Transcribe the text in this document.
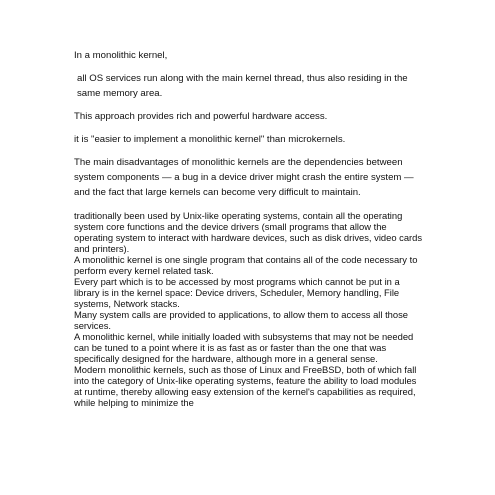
In a monolithic kernel,

all OS services run along with the main kernel thread, thus also residing in the same memory area.

This approach provides rich and powerful hardware access.

it is "easier to implement a monolithic kernel" than microkernels.

The main disadvantages of monolithic kernels are the dependencies between system components — a bug in a device driver might crash the entire system — and the fact that large kernels can become very difficult to maintain.

traditionally been used by Unix-like operating systems, contain all the operating system core functions and the device drivers (small programs that allow the operating system to interact with hardware devices, such as disk drives, video cards and printers).

A monolithic kernel is one single program that contains all of the code necessary to perform every kernel related task.

Every part which is to be accessed by most programs which cannot be put in a library is in the kernel space: Device drivers, Scheduler, Memory handling, File systems, Network stacks.

Many system calls are provided to applications, to allow them to access all those services.

A monolithic kernel, while initially loaded with subsystems that may not be needed can be tuned to a point where it is as fast as or faster than the one that was specifically designed for the hardware, although more in a general sense.

Modern monolithic kernels, such as those of Linux and FreeBSD, both of which fall into the category of Unix-like operating systems, feature the ability to load modules at runtime, thereby allowing easy extension of the kernel's capabilities as required, while helping to minimize the
